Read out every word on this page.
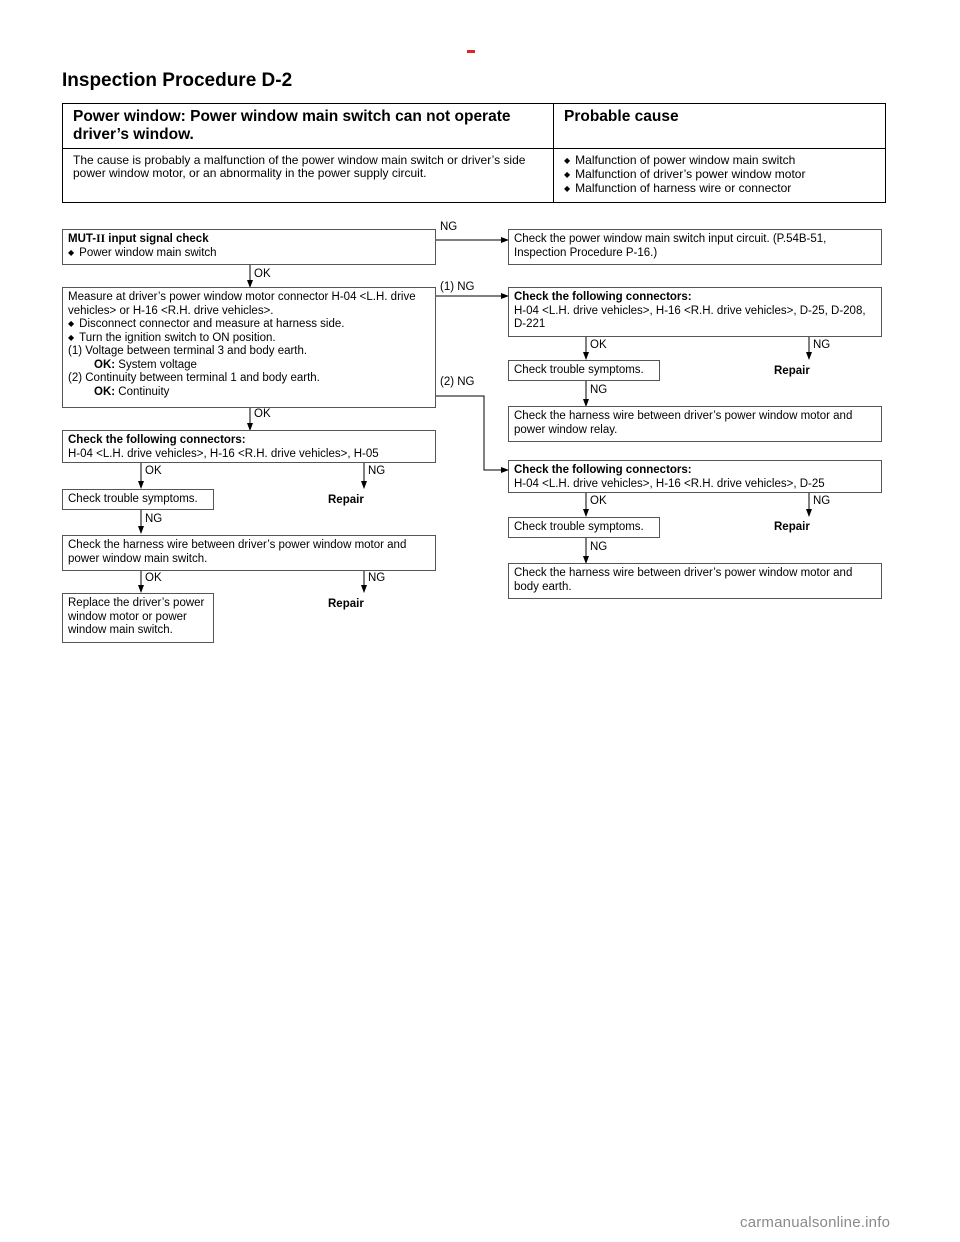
Inspection Procedure D-2
Power window: Power window main switch can not operate driver’s window.	Probable cause
The cause is probably a malfunction of the power window main switch or driver’s side power window motor, or an abnormality in the power supply circuit.	◆ Malfunction of power window main switch
◆ Malfunction of driver’s power window motor
◆ Malfunction of harness wire or connector
MUT-II input signal check
◆ Power window main switch
NG
Check the power window main switch input circuit. (P.54B-51, Inspection Procedure P-16.)
OK
Measure at driver’s power window motor connector H-04 <L.H. drive vehicles> or H-16 <R.H. drive vehicles>.
◆ Disconnect connector and measure at harness side.
◆ Turn the ignition switch to ON position.
(1) Voltage between terminal 3 and body earth.
OK: System voltage
(2) Continuity between terminal 1 and body earth.
OK: Continuity
(1) NG
(2) NG
Check the following connectors:
H-04 <L.H. drive vehicles>, H-16 <R.H. drive vehicles>, D-25, D-208, D-221
OK	NG
Check trouble symptoms.	Repair
NG
Check the harness wire between driver’s power window motor and power window relay.
Check the following connectors:
H-04 <L.H. drive vehicles>, H-16 <R.H. drive vehicles>, D-25
OK	NG
Check trouble symptoms.	Repair
NG
Check the harness wire between driver’s power window motor and body earth.
OK
Check the following connectors:
H-04 <L.H. drive vehicles>, H-16 <R.H. drive vehicles>, H-05
OK	NG
Check trouble symptoms.	Repair
NG
Check the harness wire between driver’s power window motor and power window main switch.
OK	NG
Replace the driver’s power window motor or power window main switch.
Repair
carmanualsonline.info
